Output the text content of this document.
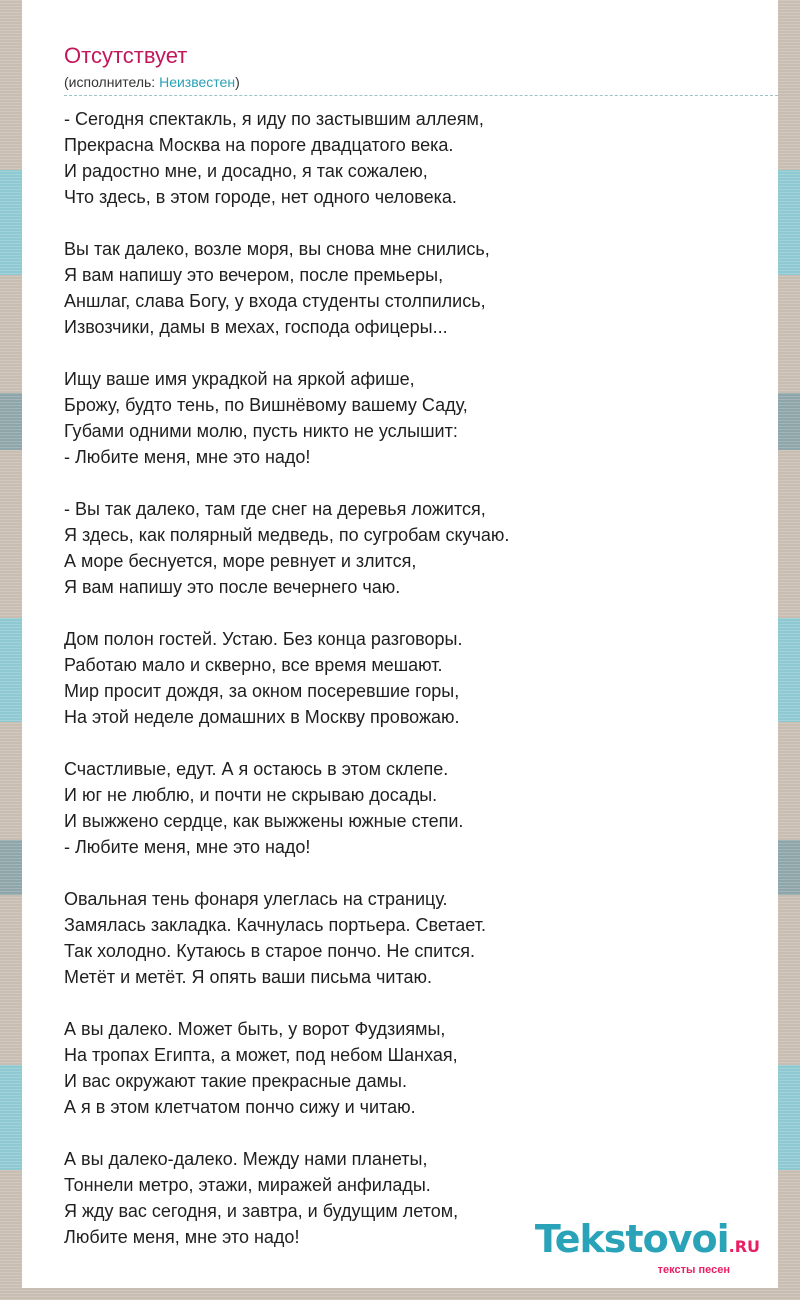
Отсутствует
(исполнитель: Неизвестен)
- Сегодня спектакль, я иду по застывшим аллеям,
Прекрасна Москва на пороге двадцатого века.
И радостно мне, и досадно, я так сожалею,
Что здесь, в этом городе, нет одного человека.
Вы так далеко, возле моря, вы снова мне снились,
Я вам напишу это вечером, после премьеры,
Аншлаг, слава Богу, у входа студенты столпились,
Извозчики, дамы в мехах, господа офицеры...
Ищу ваше имя украдкой на яркой афише,
Брожу, будто тень, по Вишнёвому вашему Саду,
Губами одними молю, пусть никто не услышит:
- Любите меня, мне это надо!
- Вы так далеко, там где снег на деревья ложится,
Я здесь, как полярный медведь, по сугробам скучаю.
А море беснуется, море ревнует и злится,
Я вам напишу это после вечернего чаю.
Дом полон гостей. Устаю. Без конца разговоры.
Работаю мало и скверно, все время мешают.
Мир просит дождя, за окном посеревшие горы,
На этой неделе домашних в Москву провожаю.
Счастливые, едут. А я остаюсь в этом склепе.
И юг не люблю, и почти не скрываю досады.
И выжжено сердце, как выжжены южные степи.
- Любите меня, мне это надо!
Овальная тень фонаря улеглась на страницу.
Замялась закладка. Качнулась портьера. Светает.
Так холодно. Кутаюсь в старое пончо. Не спится.
Метёт и метёт. Я опять ваши письма читаю.
А вы далеко. Может быть, у ворот Фудзиямы,
На тропах Египта, а может, под небом Шанхая,
И вас окружают такие прекрасные дамы.
А я в этом клетчатом пончо сижу и читаю.
А вы далеко-далеко. Между нами планеты,
Тоннели метро, этажи, миражей анфилады.
Я жду вас сегодня, и завтра, и будущим летом,
Любите меня, мне это надо!	Tekstovoi.RU
тексты песен
